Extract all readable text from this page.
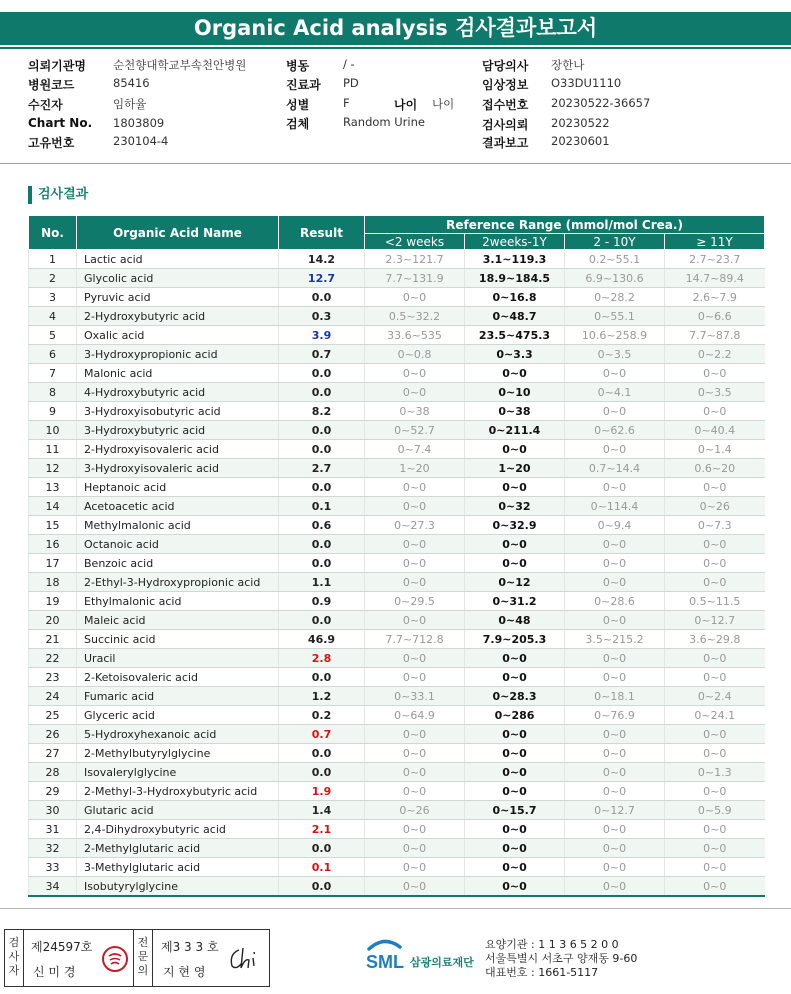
Organic Acid analysis 검사결과보고서
의뢰기관명 순천향대학교부속천안병원
병원코드	85416
수진자	임하율
Chart No. 1803809
고유번호	230104-4
병동	/ -
진료과 PD
성별	F	나이 나이
검체	Random Urine
담당의사 장한나
임상정보 O33DU1110
접수번호 20230522-36657
검사의뢰 20230522
결과보고 20230601
검사결과
No.	Organic Acid Name	Result	Reference Range (mmol/mol Crea.)			
			<2 weeks	2weeks-1Y	2 - 10Y	≥ 11Y
1	Lactic acid	14.2	2.3~121.7	3.1~119.3	0.2~55.1	2.7~23.7
2	Glycolic acid	12.7	7.7~131.9	18.9~184.5	6.9~130.6	14.7~89.4
3	Pyruvic acid	0.0	0~0	0~16.8	0~28.2	2.6~7.9
4	2-Hydroxybutyric acid	0.3	0.5~32.2	0~48.7	0~55.1	0~6.6
5	Oxalic acid	3.9	33.6~535	23.5~475.3	10.6~258.9	7.7~87.8
6	3-Hydroxypropionic acid	0.7	0~0.8	0~3.3	0~3.5	0~2.2
7	Malonic acid	0.0	0~0	0~0	0~0	0~0
8	4-Hydroxybutyric acid	0.0	0~0	0~10	0~4.1	0~3.5
9	3-Hydroxyisobutyric acid	8.2	0~38	0~38	0~0	0~0
10	3-Hydroxybutyric acid	0.0	0~52.7	0~211.4	0~62.6	0~40.4
11	2-Hydroxyisovaleric acid	0.0	0~7.4	0~0	0~0	0~1.4
12	3-Hydroxyisovaleric acid	2.7	1~20	1~20	0.7~14.4	0.6~20
13	Heptanoic acid	0.0	0~0	0~0	0~0	0~0
14	Acetoacetic acid	0.1	0~0	0~32	0~114.4	0~26
15	Methylmalonic acid	0.6	0~27.3	0~32.9	0~9.4	0~7.3
16	Octanoic acid	0.0	0~0	0~0	0~0	0~0
17	Benzoic acid	0.0	0~0	0~0	0~0	0~0
18	2-Ethyl-3-Hydroxypropionic acid	1.1	0~0	0~12	0~0	0~0
19	Ethylmalonic acid	0.9	0~29.5	0~31.2	0~28.6	0.5~11.5
20	Maleic acid	0.0	0~0	0~48	0~0	0~12.7
21	Succinic acid	46.9	7.7~712.8	7.9~205.3	3.5~215.2	3.6~29.8
22	Uracil	2.8	0~0	0~0	0~0	0~0
23	2-Ketoisovaleric acid	0.0	0~0	0~0	0~0	0~0
24	Fumaric acid	1.2	0~33.1	0~28.3	0~18.1	0~2.4
25	Glyceric acid	0.2	0~64.9	0~286	0~76.9	0~24.1
26	5-Hydroxyhexanoic acid	0.7	0~0	0~0	0~0	0~0
27	2-Methylbutyrylglycine	0.0	0~0	0~0	0~0	0~0
28	Isovalerylglycine	0.0	0~0	0~0	0~0	0~1.3
29	2-Methyl-3-Hydroxybutyric acid	1.9	0~0	0~0	0~0	0~0
30	Glutaric acid	1.4	0~26	0~15.7	0~12.7	0~5.9
31	2,4-Dihydroxybutyric acid	2.1	0~0	0~0	0~0	0~0
32	2-Methylglutaric acid	0.0	0~0	0~0	0~0	0~0
33	3-Methylglutaric acid	0.1	0~0	0~0	0~0	0~0
34	Isobutyrylglycine	0.0	0~0	0~0	0~0	0~0
검사자
제24597호
신 미 경
전문의
제3 3 3 호
지 현 영	SML 삼광의료재단
요양기관 : 1 1 3 6 5 2 0 0
서울특별시 서초구 양재동 9-60
대표번호 : 1661-5117
